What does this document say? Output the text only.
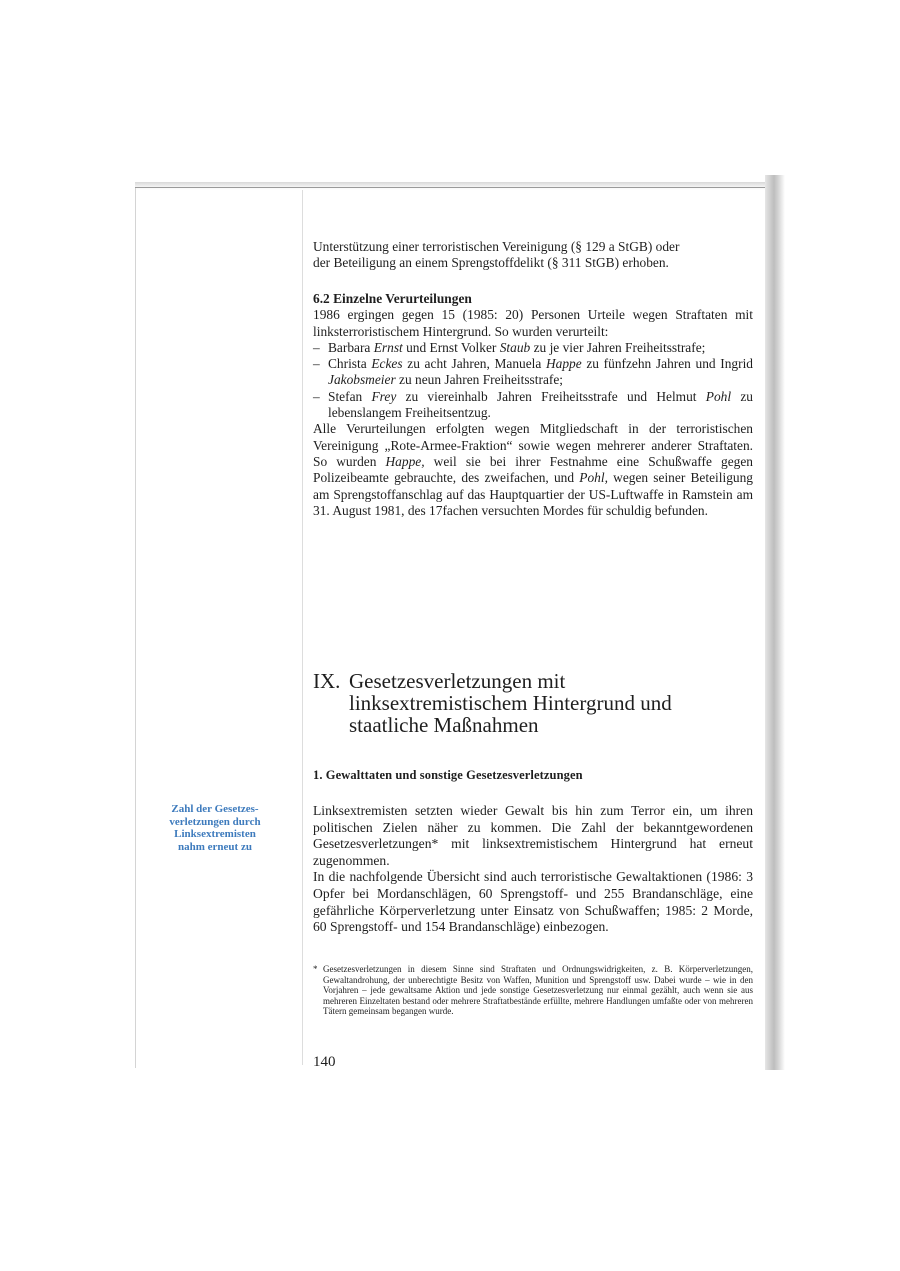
Unterstützung einer terroristischen Vereinigung (§ 129 a StGB) oder
der Beteiligung an einem Sprengstoffdelikt (§ 311 StGB) erhoben.
6.2 Einzelne Verurteilungen
1986 ergingen gegen 15 (1985: 20) Personen Urteile wegen Straftaten mit linksterroristischem Hintergrund. So wurden verurteilt:
– Barbara Ernst und Ernst Volker Staub zu je vier Jahren Freiheitsstrafe;
– Christa Eckes zu acht Jahren, Manuela Happe zu fünfzehn Jahren und Ingrid Jakobsmeier zu neun Jahren Freiheitsstrafe;
– Stefan Frey zu viereinhalb Jahren Freiheitsstrafe und Helmut Pohl zu lebenslangem Freiheitsentzug.
Alle Verurteilungen erfolgten wegen Mitgliedschaft in der terroristischen Vereinigung „Rote-Armee-Fraktion“ sowie wegen mehrerer anderer Straftaten. So wurden Happe, weil sie bei ihrer Festnahme eine Schußwaffe gegen Polizeibeamte gebrauchte, des zweifachen, und Pohl, wegen seiner Beteiligung am Sprengstoffanschlag auf das Hauptquartier der US-Luftwaffe in Ramstein am 31. August 1981, des 17fachen versuchten Mordes für schuldig befunden.
IX. Gesetzesverletzungen mit
linksextremistischem Hintergrund und
staatliche Maßnahmen
1. Gewalttaten und sonstige Gesetzesverletzungen
Zahl der Gesetzes-
verletzungen durch
Linksextremisten
nahm erneut zu
Linksextremisten setzten wieder Gewalt bis hin zum Terror ein, um ihren politischen Zielen näher zu kommen. Die Zahl der bekanntgewordenen Gesetzesverletzungen* mit linksextremistischem Hintergrund hat erneut zugenommen.
In die nachfolgende Übersicht sind auch terroristische Gewaltaktionen (1986: 3 Opfer bei Mordanschlägen, 60 Sprengstoff- und 255 Brandanschläge, eine gefährliche Körperverletzung unter Einsatz von Schußwaffen; 1985: 2 Morde, 60 Sprengstoff- und 154 Brandanschläge) einbezogen.
* Gesetzesverletzungen in diesem Sinne sind Straftaten und Ordnungswidrigkeiten, z. B. Körperverletzungen, Gewaltandrohung, der unberechtigte Besitz von Waffen, Munition und Sprengstoff usw. Dabei wurde – wie in den Vorjahren – jede gewaltsame Aktion und jede sonstige Gesetzesverletzung nur einmal gezählt, auch wenn sie aus mehreren Einzeltaten bestand oder mehrere Straftatbestände erfüllte, mehrere Handlungen umfaßte oder von mehreren Tätern gemeinsam begangen wurde.
140
